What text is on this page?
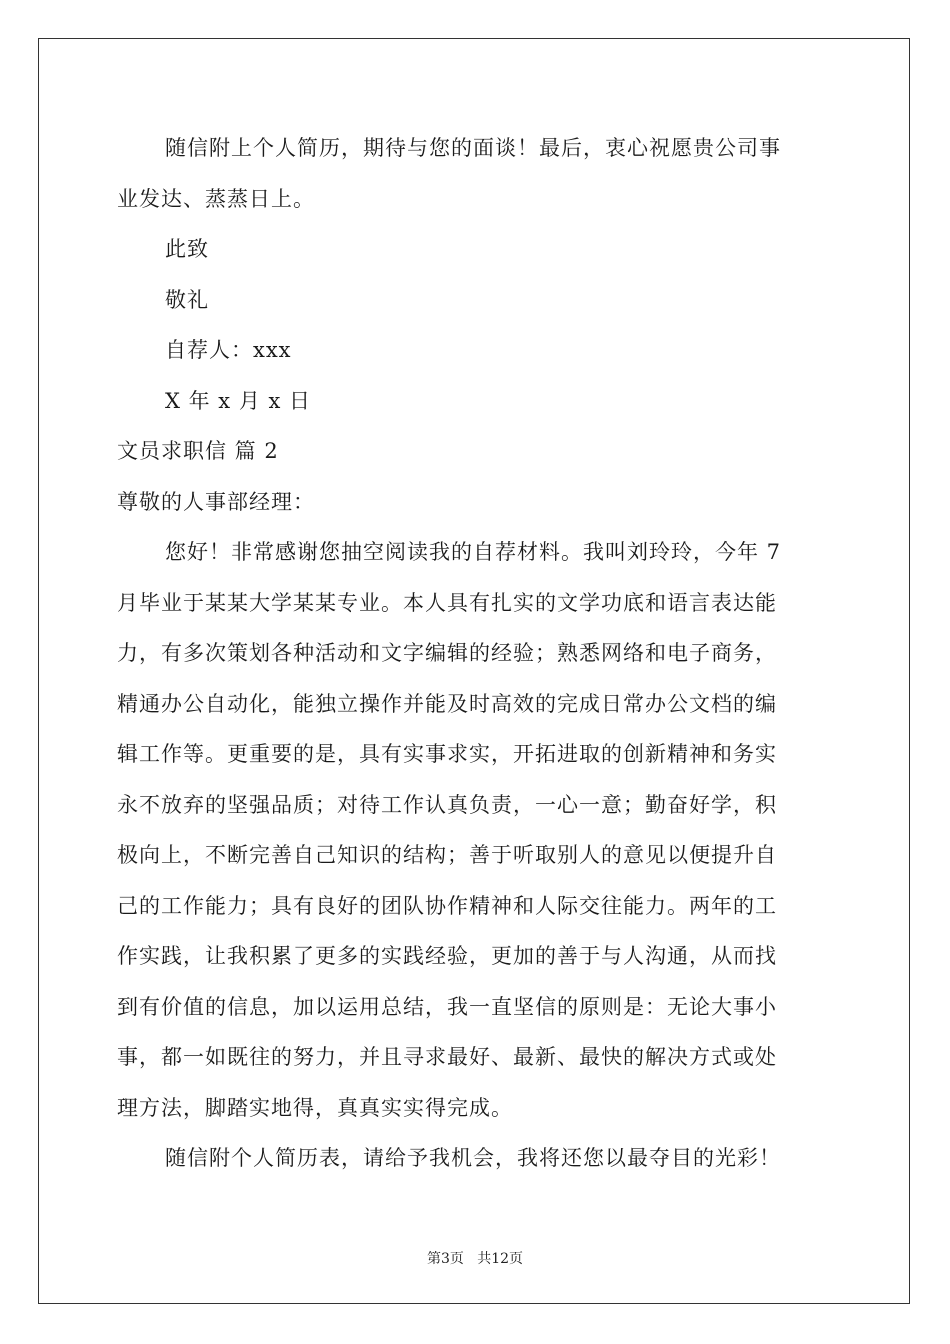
随信附上个人简历，期待与您的面谈！最后，衷心祝愿贵公司事
业发达、蒸蒸日上。
此致
敬礼
自荐人：xxx
X 年 x 月 x 日
文员求职信 篇 2
尊敬的人事部经理：
您好！非常感谢您抽空阅读我的自荐材料。我叫刘玲玲，今年 7
月毕业于某某大学某某专业。本人具有扎实的文学功底和语言表达能
力，有多次策划各种活动和文字编辑的经验；熟悉网络和电子商务，
精通办公自动化，能独立操作并能及时高效的完成日常办公文档的编
辑工作等。更重要的是，具有实事求实，开拓进取的创新精神和务实
永不放弃的坚强品质；对待工作认真负责，一心一意；勤奋好学，积
极向上，不断完善自己知识的结构；善于听取别人的意见以便提升自
己的工作能力；具有良好的团队协作精神和人际交往能力。两年的工
作实践，让我积累了更多的实践经验，更加的善于与人沟通，从而找
到有价值的信息，加以运用总结，我一直坚信的原则是：无论大事小
事，都一如既往的努力，并且寻求最好、最新、最快的解决方式或处
理方法，脚踏实地得，真真实实得完成。
随信附个人简历表，请给予我机会，我将还您以最夺目的光彩！
第3页 共12页
